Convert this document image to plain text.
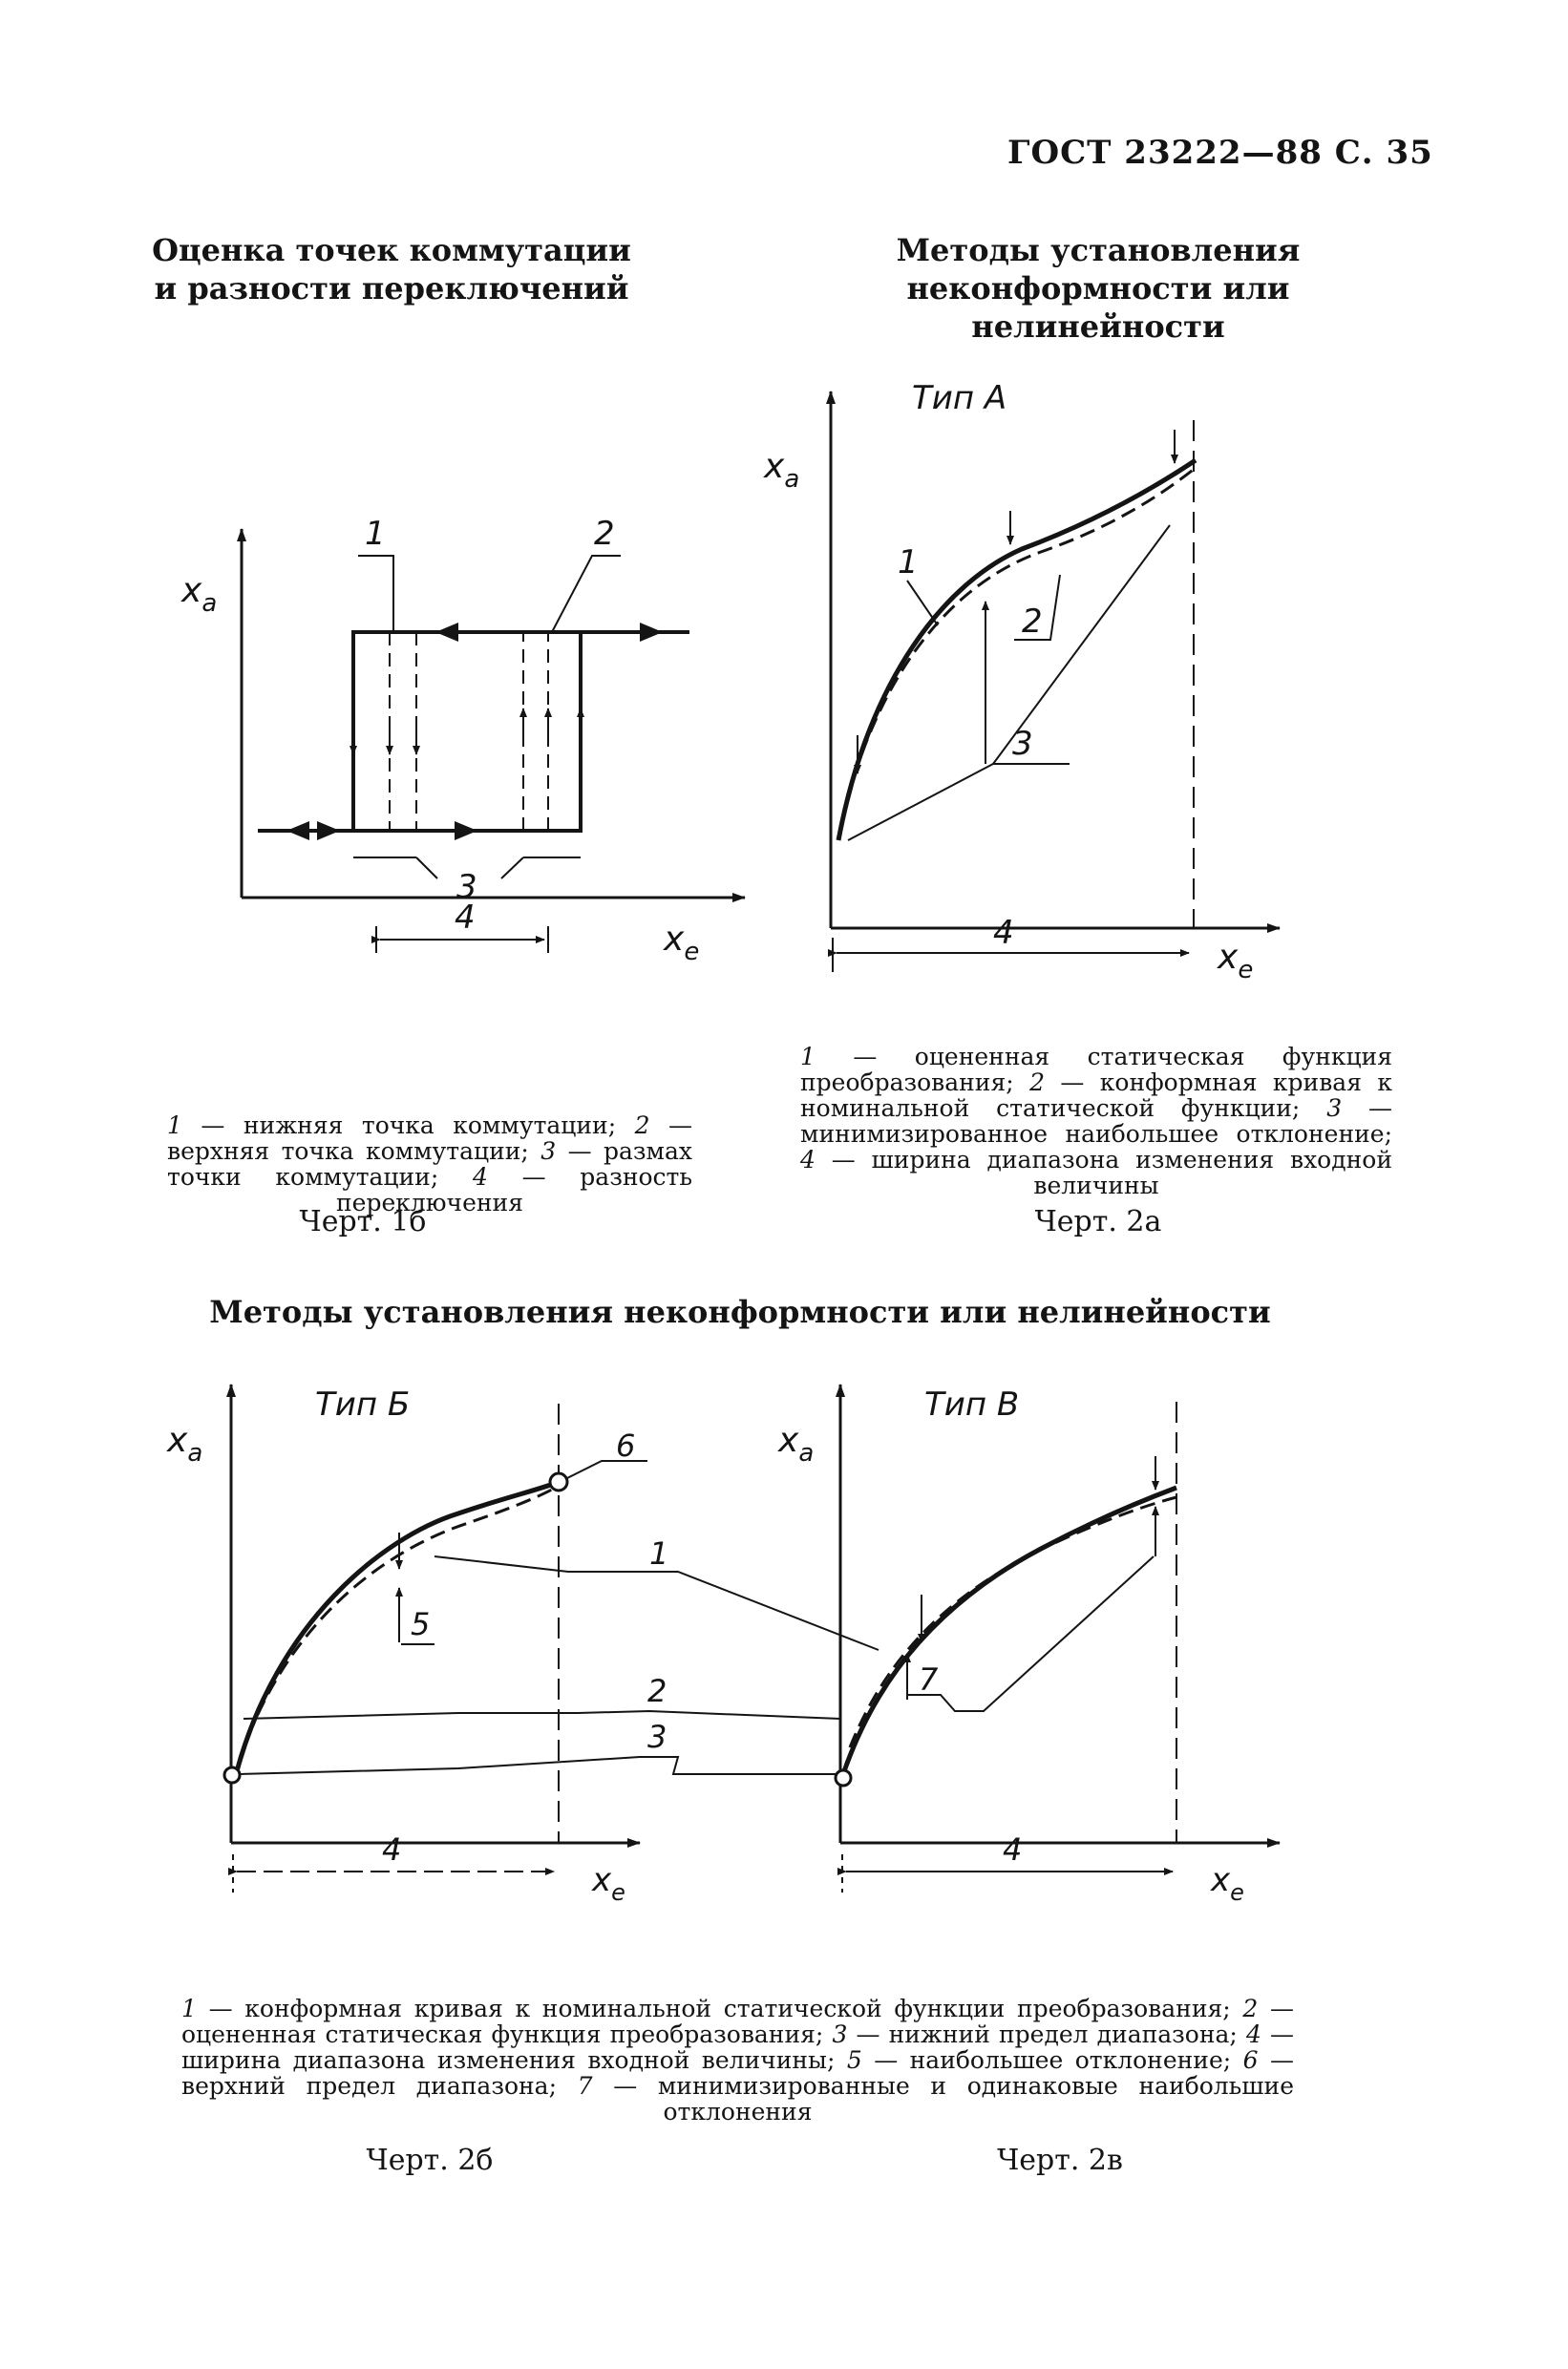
ГОСТ 23222—88 С. 35
Оценка точек коммутации
и разности переключений
Методы установления
неконформности или нелинейности
$x_a$
$x_e$
1	2
3
4
Тип А
$x_a$
3
1
2
4
$x_e$
1 — нижняя точка коммутации; 2 — верхняя точка коммутации; 3 — размах точки коммутации; 4 — разность переключения
Черт. 1б
1 — оцененная статическая функция преобразования; 2 — конформная кривая к номинальной статической функции; 3 — минимизированное наибольшее отклонение; 4 — ширина диапазона изменения входной величины
Черт. 2а
Методы установления неконформности или нелинейности
Тип Б
$x_a$
5
6
1
2
3
4
$x_e$
Тип В
$x_a$
7
4
$x_e$
1 — конформная кривая к номинальной статической функции преобразования; 2 — оцененная статическая функция преобразования; 3 — нижний предел диапазона; 4 — ширина диапазона изменения входной величины; 5 — наибольшее отклонение; 6 — верхний предел диапазона; 7 — минимизированные и одинаковые наибольшие отклонения
Черт. 2б	Черт. 2в
